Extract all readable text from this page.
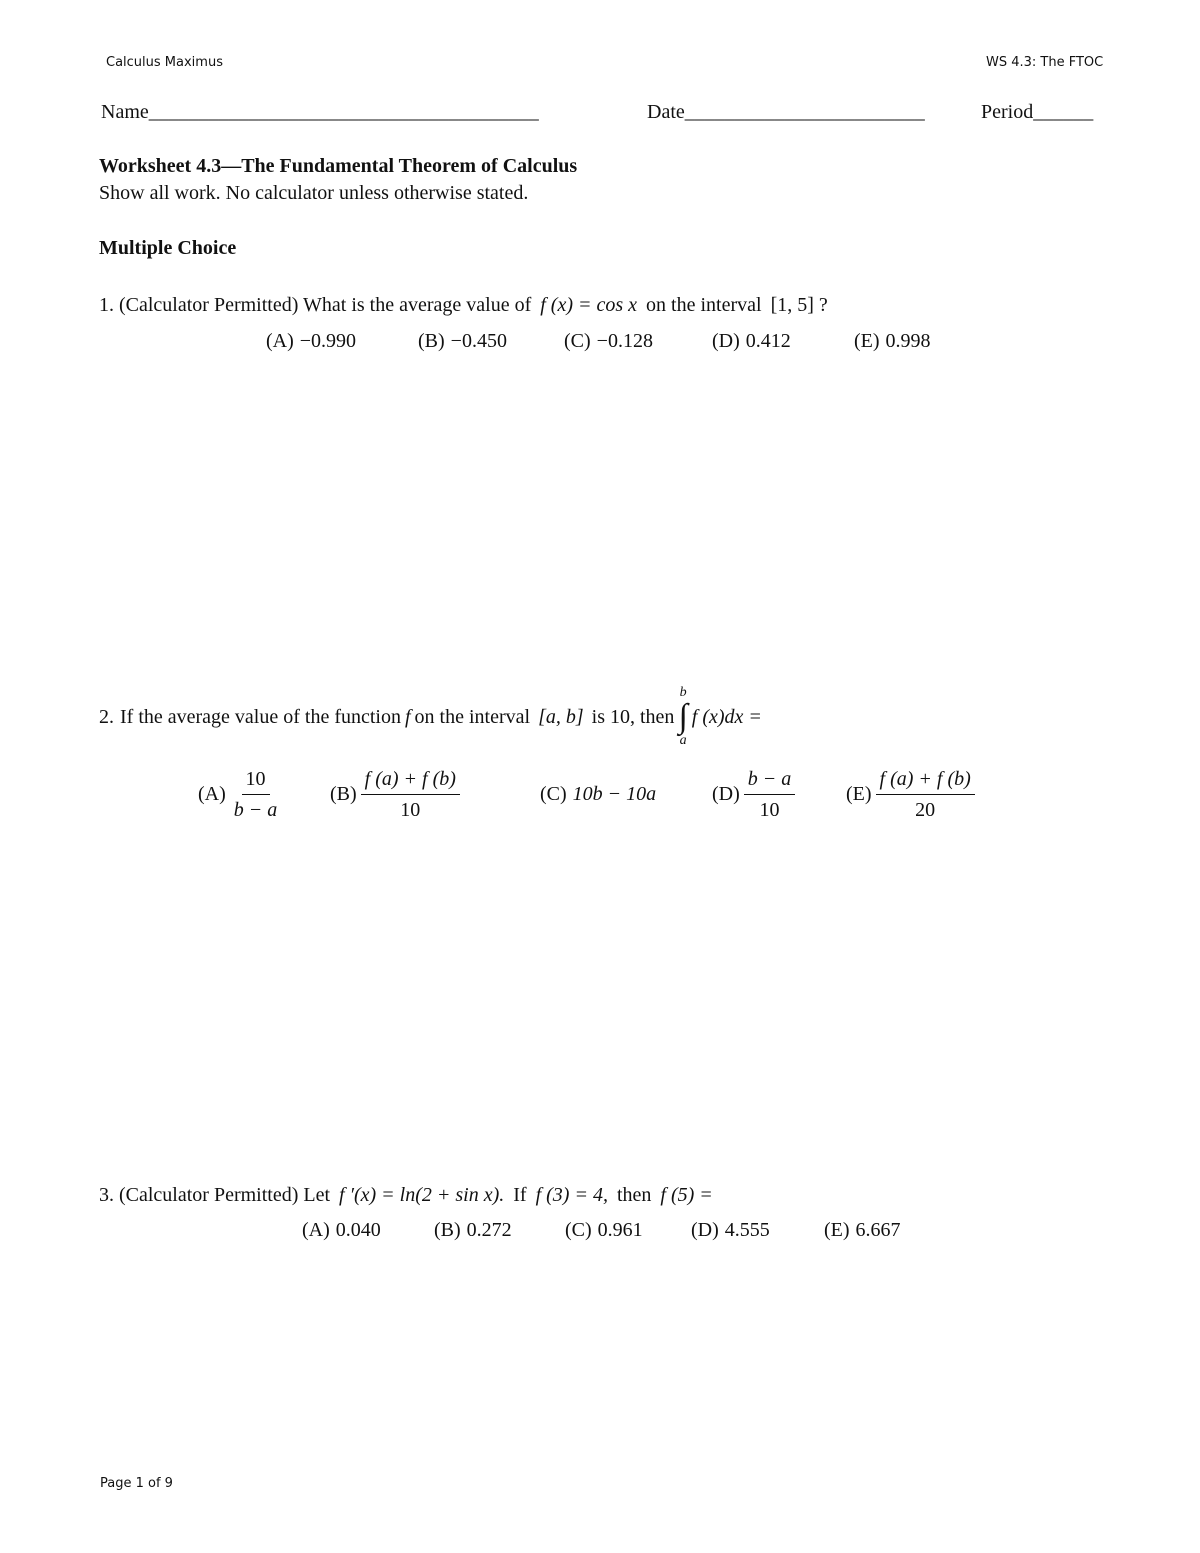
Calculus Maximus	WS 4.3: The FTOC
Name_______________________________________	Date________________________	Period______
Worksheet 4.3—The Fundamental Theorem of Calculus
Show all work. No calculator unless otherwise stated.
Multiple Choice
1. (Calculator Permitted) What is the average value of f (x) = cos x on the interval [1, 5] ?
(A) −0.990	(B) −0.450	(C) −0.128	(D) 0.412	(E) 0.998
2. If the average value of the function f on the interval [a, b] is 10, then
b
∫
a
f (x)dx =
$(A) \frac{10}{b - a} (B) \frac{f (a) + f (b)}{10}$	(C) 10b − 10a	$(D) \frac{b - a}{10}$	$(E) \frac{f (a) + f (b)}{20}$
3. (Calculator Permitted) Let f ′(x) = ln(2 + sin x). If f (3) = 4, then f (5) =
(A) 0.040	(B) 0.272	(C) 0.961 (D) 4.555	(E) 6.667
Page 1 of 9
